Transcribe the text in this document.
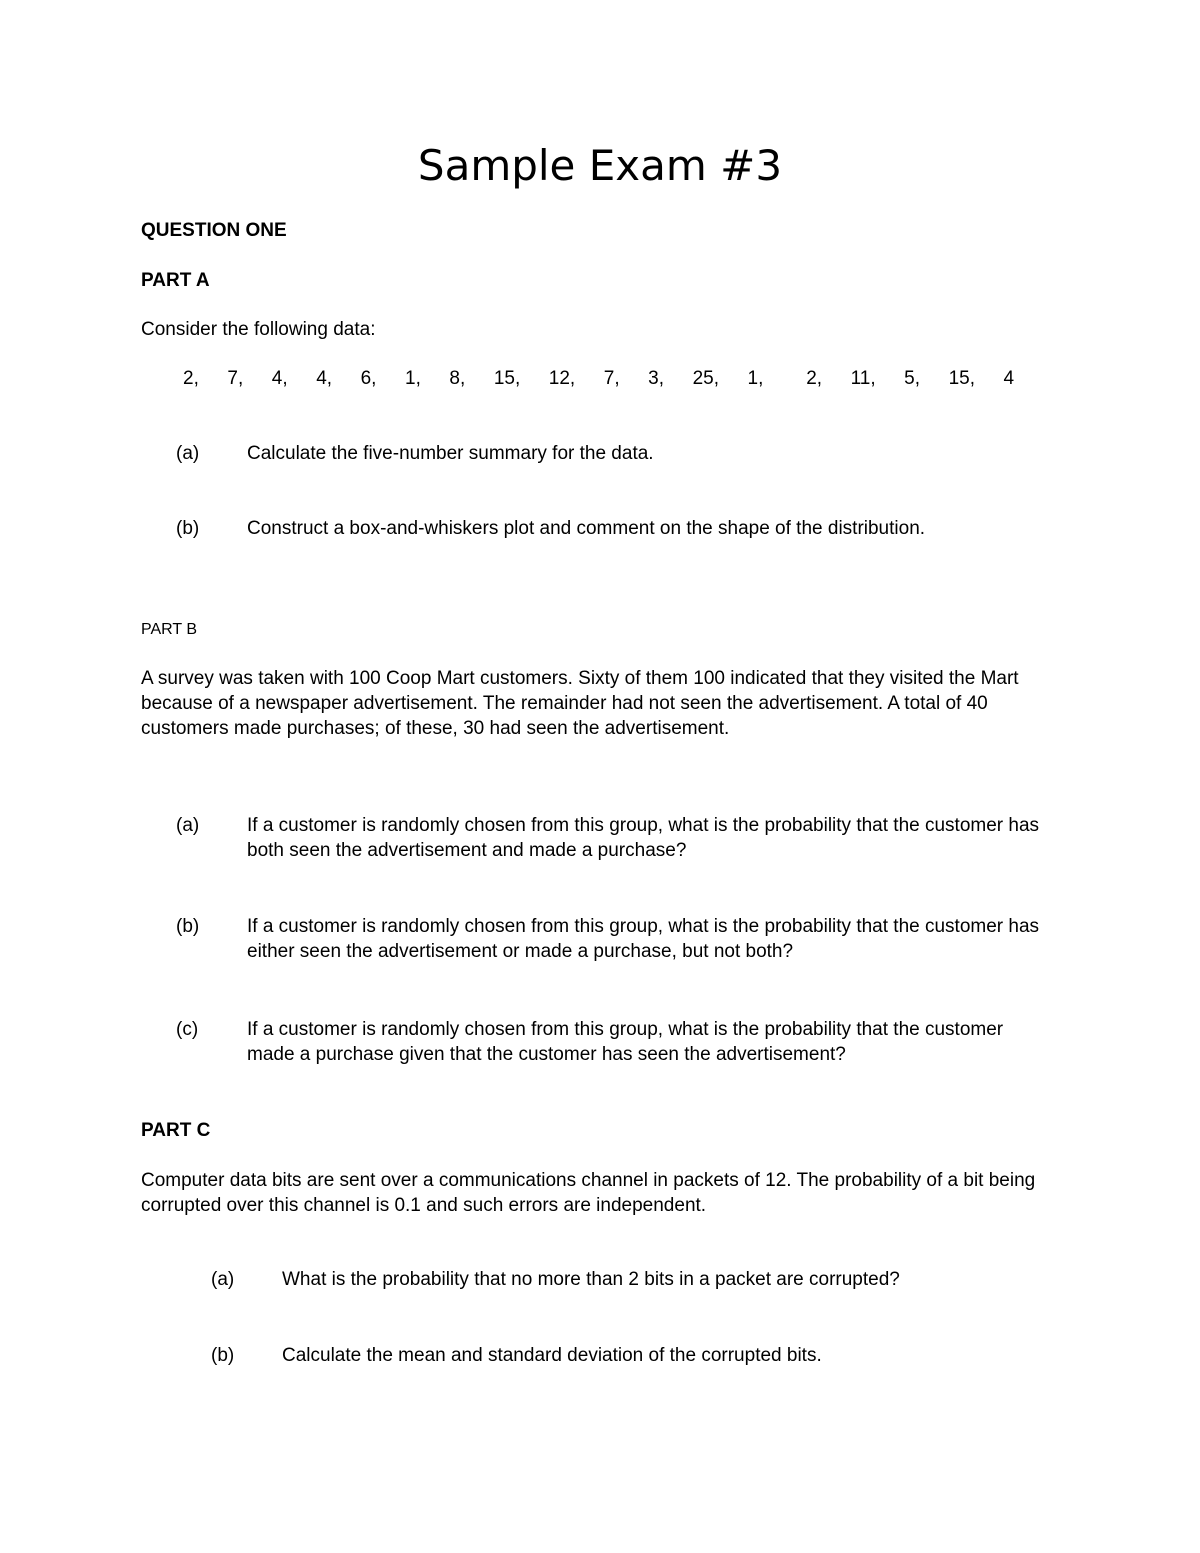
Sample Exam #3
QUESTION ONE
PART A
Consider the following data:
2,  7,  4,  4,  6,  1,  8,  15,  12,  7,  3,  25,  1,   2,  11,  5,  15,  4
(a)	Calculate the five-number summary for the data.
(b)	Construct a box-and-whiskers plot and comment on the shape of the distribution.
PART B
A survey was taken with 100 Coop Mart customers. Sixty of them 100 indicated that they visited the Mart because of a newspaper advertisement. The remainder had not seen the advertisement. A total of 40 customers made purchases; of these, 30 had seen the advertisement.
(a)	If a customer is randomly chosen from this group, what is the probability that the customer has both seen the advertisement and made a purchase?
(b)	If a customer is randomly chosen from this group, what is the probability that the customer has either seen the advertisement or made a purchase, but not both?
(c)	If a customer is randomly chosen from this group, what is the probability that the customer made a purchase given that the customer has seen the advertisement?
PART C
Computer data bits are sent over a communications channel in packets of 12. The probability of a bit being corrupted over this channel is 0.1 and such errors are independent.
(a)	What is the probability that no more than 2 bits in a packet are corrupted?
(b)	Calculate the mean and standard deviation of the corrupted bits.
